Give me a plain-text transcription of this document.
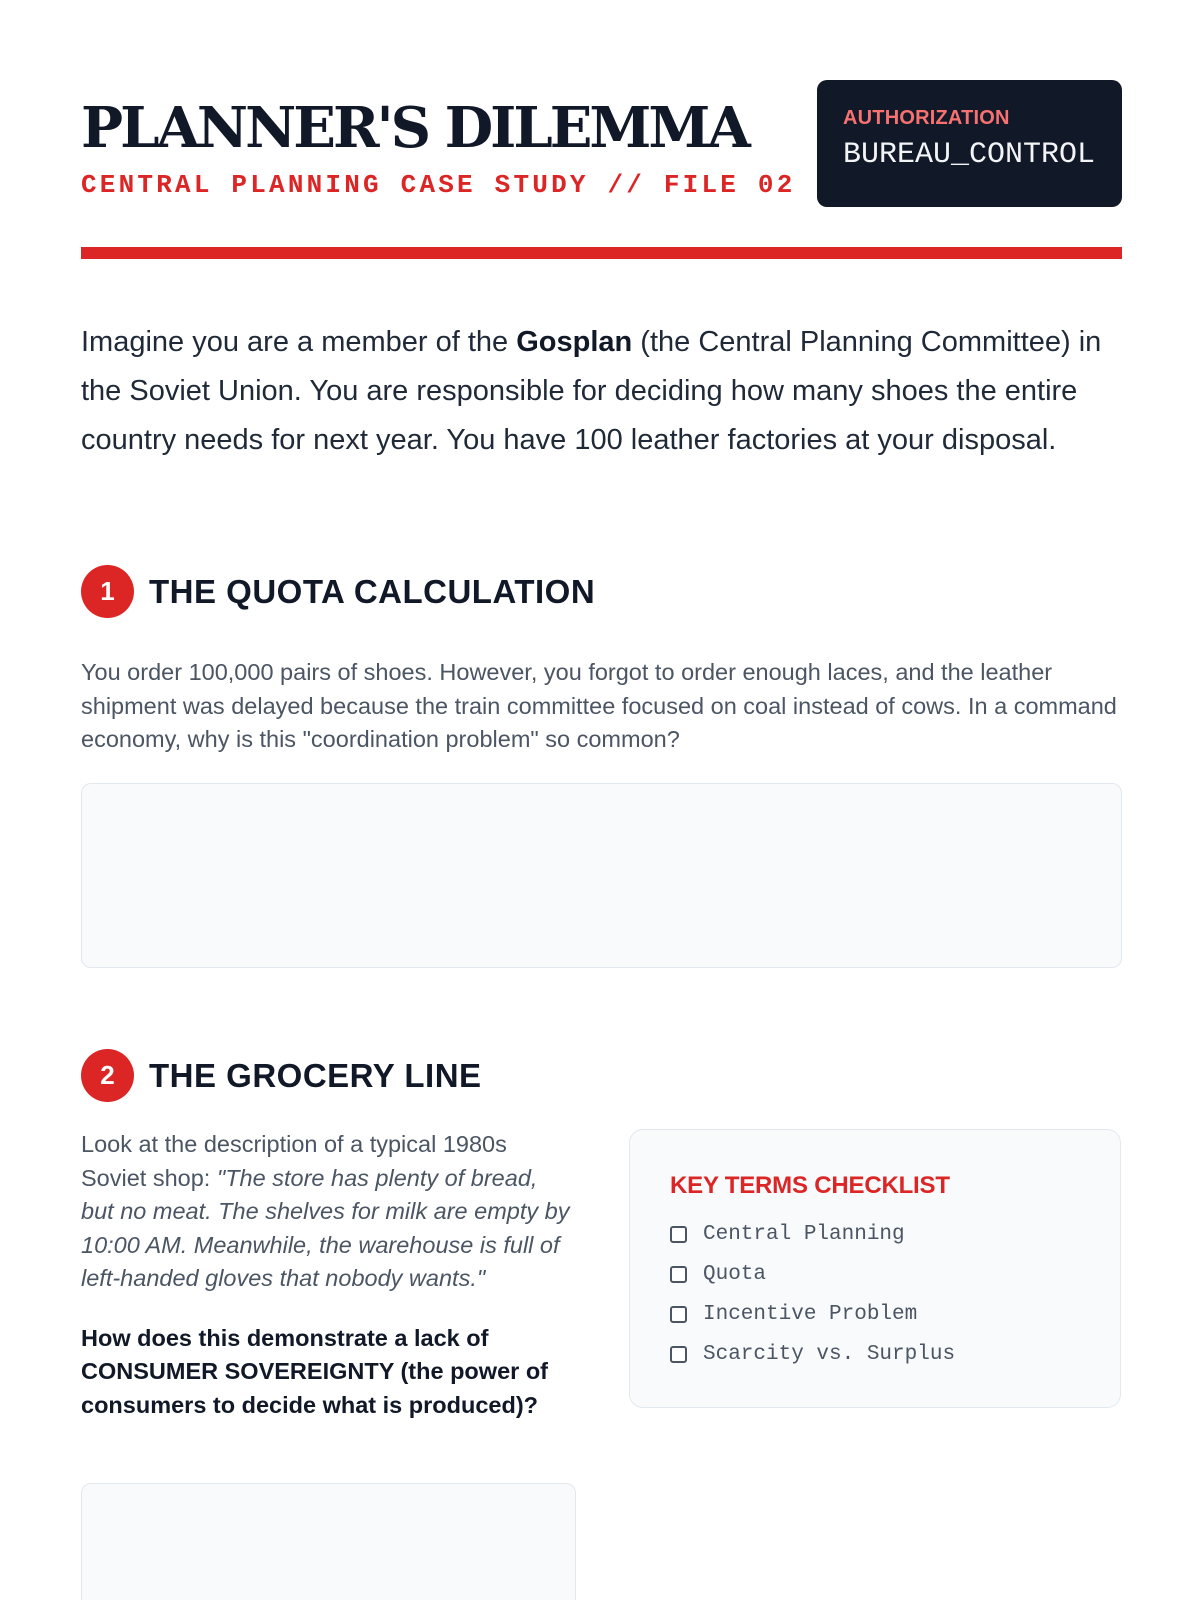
PLANNER'S DILEMMA
CENTRAL PLANNING CASE STUDY // FILE 02
AUTHORIZATION
BUREAU_CONTROL

Imagine you are a member of the Gosplan (the Central Planning Committee) in the Soviet Union. You are responsible for deciding how many shoes the entire country needs for next year. You have 100 leather factories at your disposal.

1	THE QUOTA CALCULATION

You order 100,000 pairs of shoes. However, you forgot to order enough laces, and the leather shipment was delayed because the train committee focused on coal instead of cows. In a command economy, why is this "coordination problem" so common?

2	THE GROCERY LINE

Look at the description of a typical 1980s Soviet shop: "The store has plenty of bread, but no meat. The shelves for milk are empty by 10:00 AM. Meanwhile, the warehouse is full of left-handed gloves that nobody wants."

How does this demonstrate a lack of CONSUMER SOVEREIGNTY (the power of consumers to decide what is produced)?

KEY TERMS CHECKLIST
Central Planning
Quota
Incentive Problem
Scarcity vs. Surplus
